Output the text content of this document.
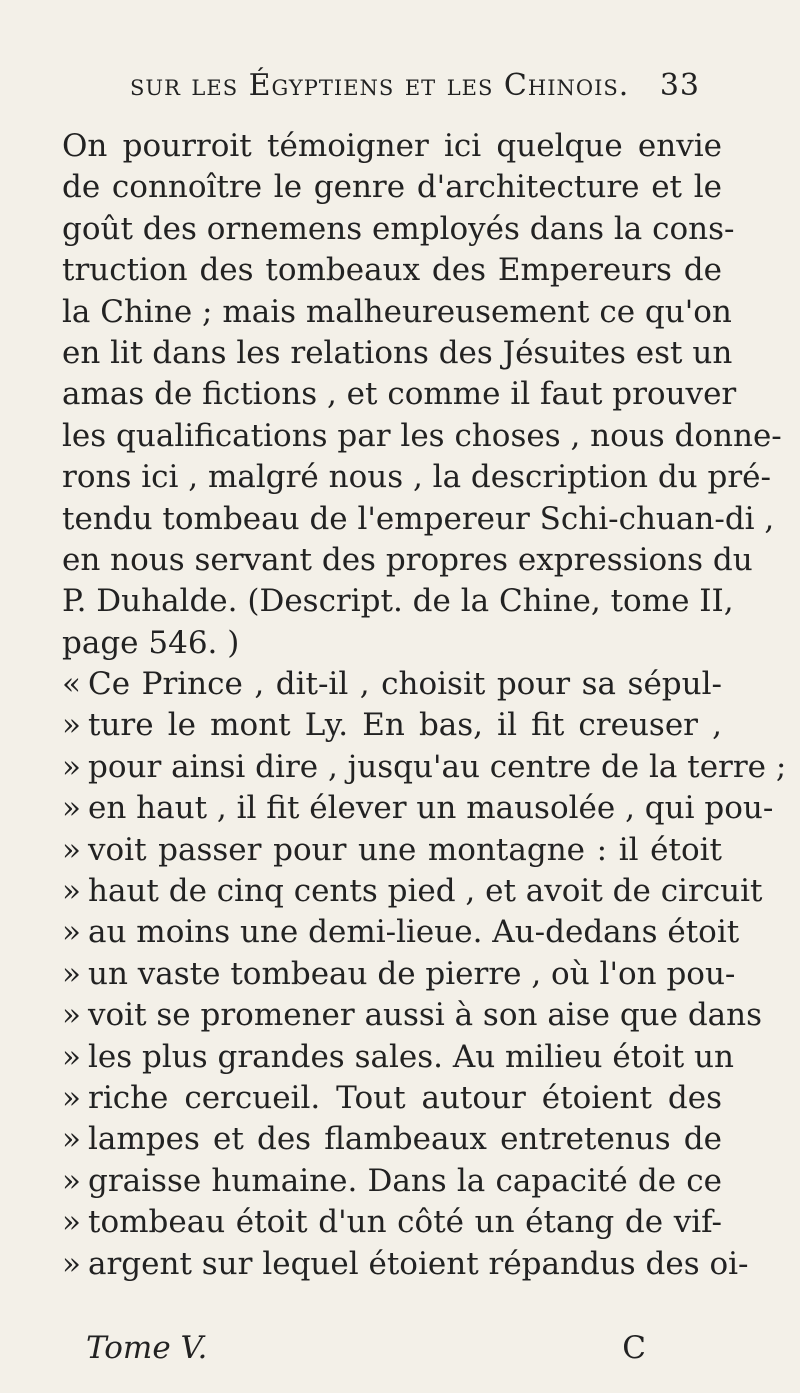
sur les Égyptiens et les Chinois. 33
On pourroit témoigner ici quelque envie
de connoître le genre d'architecture et le
goût des ornemens employés dans la cons-
truction des tombeaux des Empereurs de
la Chine ; mais malheureusement ce qu'on
en lit dans les relations des Jésuites est un
amas de fictions , et comme il faut prouver
les qualifications par les choses , nous donne-
rons ici , malgré nous , la description du pré-
tendu tombeau de l'empereur Schi-chuan-di ,
en nous servant des propres expressions du
P. Duhalde. (Descript. de la Chine, tome II,
page 546. )
« Ce Prince , dit-il , choisit pour sa sépul-
» ture le mont Ly. En bas, il fit creuser ,
» pour ainsi dire , jusqu'au centre de la terre ;
» en haut , il fit élever un mausolée , qui pou-
» voit passer pour une montagne : il étoit
» haut de cinq cents pied , et avoit de circuit
» au moins une demi-lieue. Au-dedans étoit
» un vaste tombeau de pierre , où l'on pou-
» voit se promener aussi à son aise que dans
» les plus grandes sales. Au milieu étoit un
» riche cercueil. Tout autour étoient des
» lampes et des flambeaux entretenus de
» graisse humaine. Dans la capacité de ce
» tombeau étoit d'un côté un étang de vif-
» argent sur lequel étoient répandus des oi-
Tome V.	C
